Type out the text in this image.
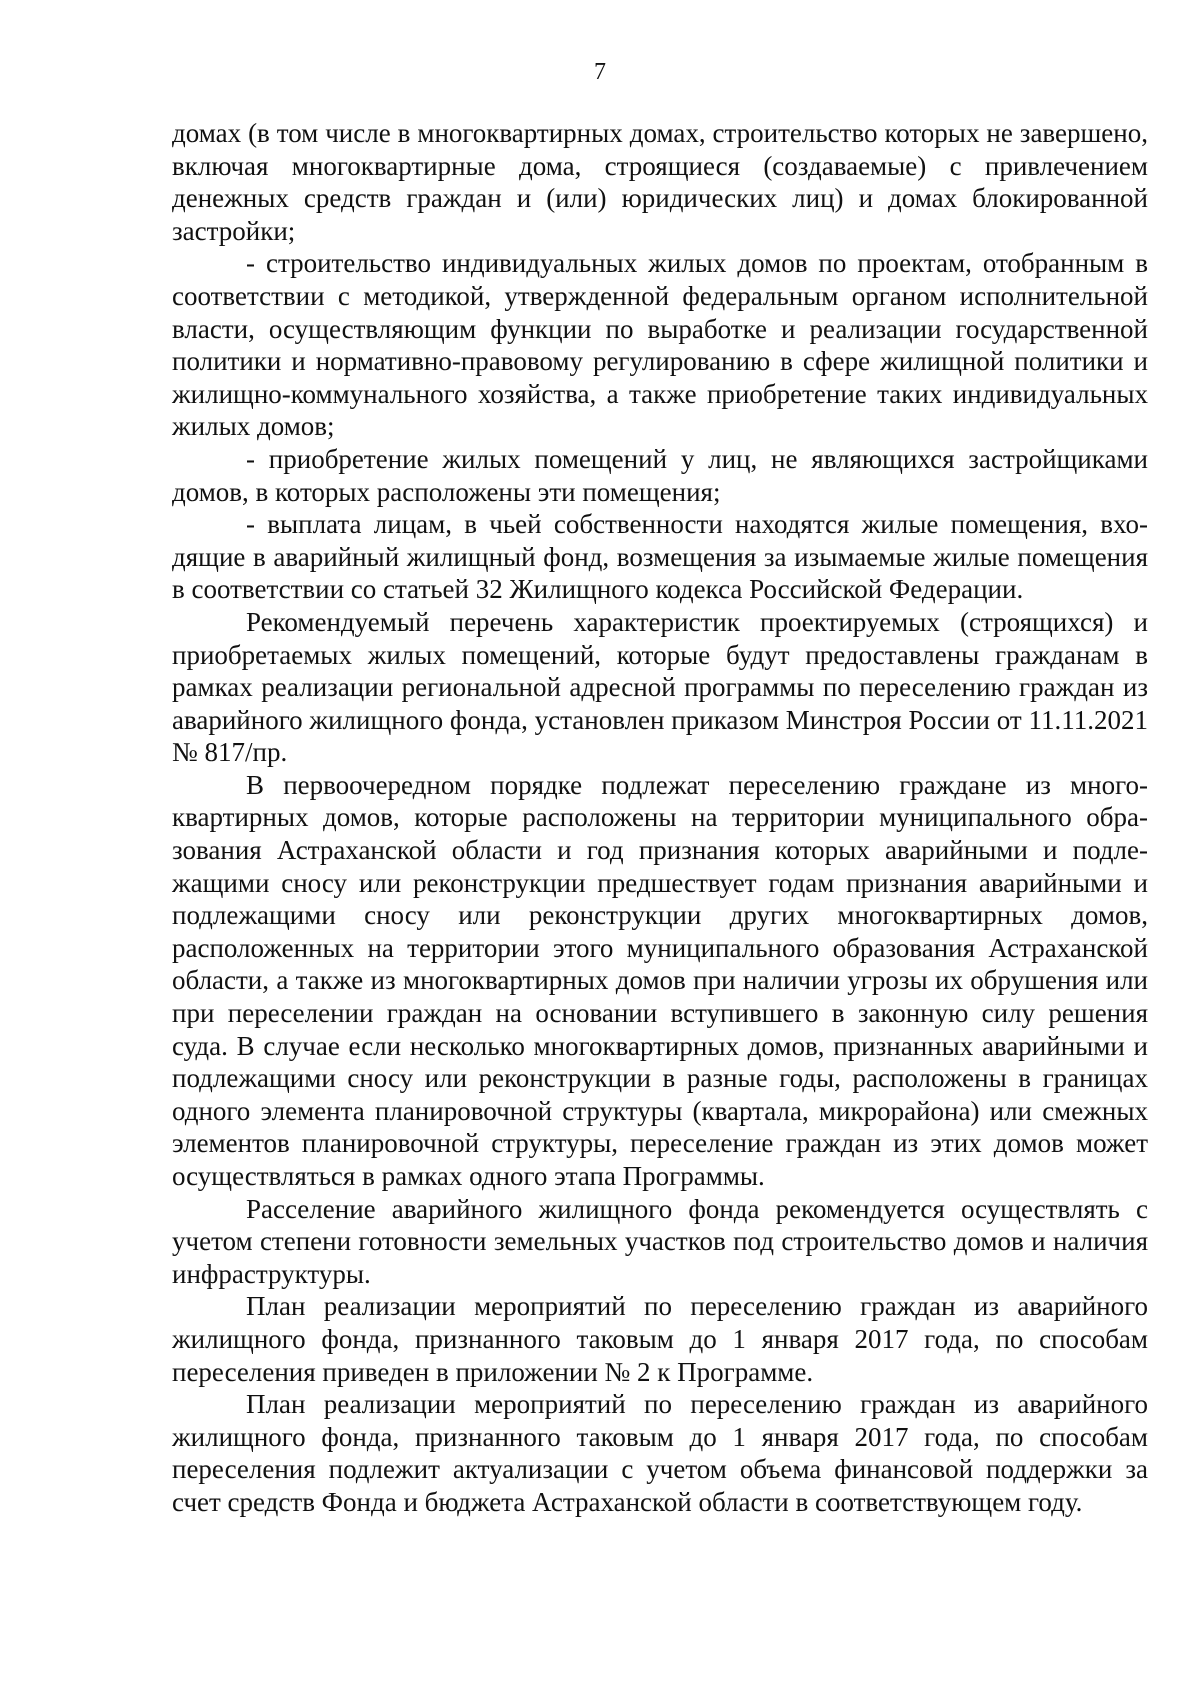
7

домах (в том числе в многоквартирных домах, строительство которых не завершено, включая многоквартирные дома, строящиеся (создаваемые) с привлечением денежных средств граждан и (или) юридических лиц) и домах блокированной застройки;

- строительство индивидуальных жилых домов по проектам, отобранным в соответствии с методикой, утвержденной федеральным органом исполнительной власти, осуществляющим функции по выработке и реализации государственной политики и нормативно-правовому регулированию в сфере жилищной политики и жилищно-коммунального хозяйства, а также приобретение таких индивидуальных жилых домов;

- приобретение жилых помещений у лиц, не являющихся застройщиками домов, в которых расположены эти помещения;

- выплата лицам, в чьей собственности находятся жилые помещения, входящие в аварийный жилищный фонд, возмещения за изымаемые жилые помещения в соответствии со статьей 32 Жилищного кодекса Российской Федерации.

Рекомендуемый перечень характеристик проектируемых (строящихся) и приобретаемых жилых помещений, которые будут предоставлены гражданам в рамках реализации региональной адресной программы по переселению граждан из аварийного жилищного фонда, установлен приказом Минстроя России от 11.11.2021 № 817/пр.

В первоочередном порядке подлежат переселению граждане из многоквартирных домов, которые расположены на территории муниципального образования Астраханской области и год признания которых аварийными и подлежащими сносу или реконструкции предшествует годам признания аварийными и подлежащими сносу или реконструкции других многоквартирных домов, расположенных на территории этого муниципального образования Астраханской области, а также из многоквартирных домов при наличии угрозы их обрушения или при переселении граждан на основании вступившего в законную силу решения суда. В случае если несколько многоквартирных домов, признанных аварийными и подлежащими сносу или реконструкции в разные годы, расположены в границах одного элемента планировочной структуры (квартала, микрорайона) или смежных элементов планировочной структуры, переселение граждан из этих домов может осуществляться в рамках одного этапа Программы.

Расселение аварийного жилищного фонда рекомендуется осуществлять с учетом степени готовности земельных участков под строительство домов и наличия инфраструктуры.

План реализации мероприятий по переселению граждан из аварийного жилищного фонда, признанного таковым до 1 января 2017 года, по способам переселения приведен в приложении № 2 к Программе.

План реализации мероприятий по переселению граждан из аварийного жилищного фонда, признанного таковым до 1 января 2017 года, по способам переселения подлежит актуализации с учетом объема финансовой поддержки за счет средств Фонда и бюджета Астраханской области в соответствующем году.
